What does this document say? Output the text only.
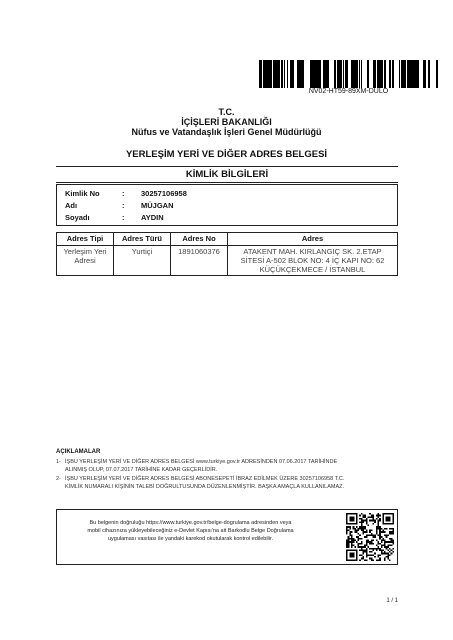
NV02-HT59-89XM-DULO
T.C.
İÇİŞLERİ BAKANLIĞI
Nüfus ve Vatandaşlık İşleri Genel Müdürlüğü
YERLEŞİM YERİ VE DİĞER ADRES BELGESİ
KİMLİK BİLGİLERİ
Kimlik No	: 30257106958
Adı	: MÜJGAN
Soyadı	: AYDIN
Adres Tipi	Adres Türü	Adres No	Adres

Yerleşim Yeri
Adresi	Yurtiçi	1891060376	ATAKENT MAH. KIRLANGIÇ SK. 2.ETAP
SİTESİ A-502 BLOK NO: 4 İÇ KAPI NO: 62
KÜÇÜKÇEKMECE / İSTANBUL
AÇIKLAMALAR
1- İŞBU YERLEŞİM YERİ VE DİĞER ADRES BELGESİ www.turkiye.gov.tr ADRESİNDEN 07.06.2017 TARİHİNDE
ALINMIŞ OLUP, 07.07.2017 TARİHİNE KADAR GEÇERLİDİR.
2- İŞBU YERLEŞİM YERİ VE DİĞER ADRES BELGESİ ABONESEPETİ İBRAZ EDİLMEK ÜZERE 30257106958 T.C.
KİMLİK NUMARALI KİŞİNİN TALEBİ DOĞRULTUSUNDA DÜZENLENMİŞTİR. BAŞKA AMAÇLA KULLANILAMAZ.
Bu belgenin doğruluğu https://www.turkiye.gov.tr/belge-dogrulama adresinden veya
mobil cihazınıza yükleyebileceğiniz e-Devlet Kapısı'na ait Barkodlu Belge Doğrulama
uygulaması vasıtası ile yandaki karekod okutularak kontrol edilebilir.
1 / 1
